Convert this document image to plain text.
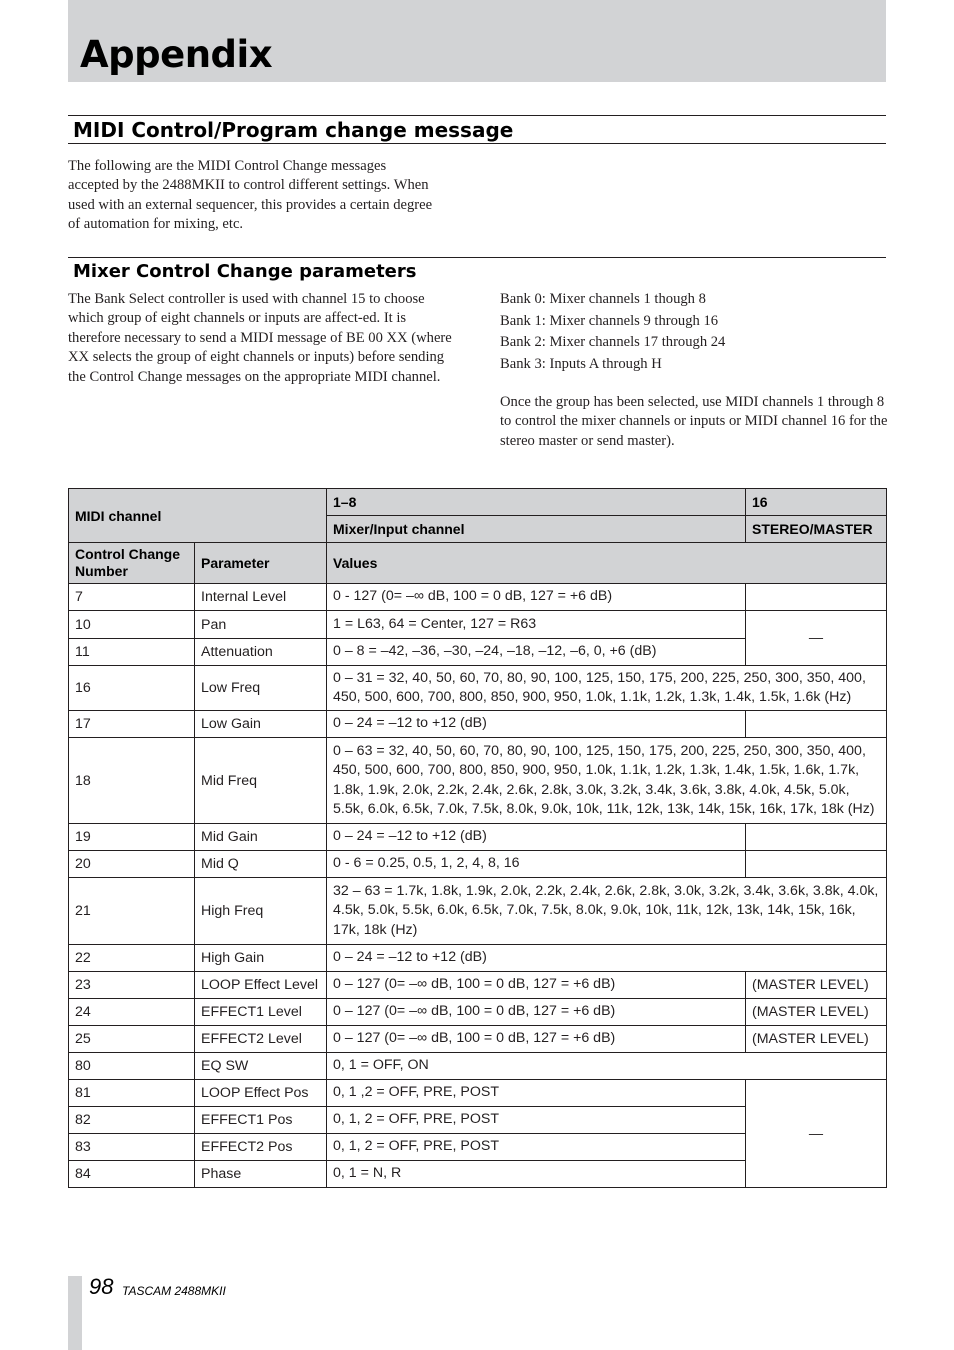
Appendix
MIDI Control/Program change message

The following are the MIDI Control Change messages accepted by the 2488MKII to control different settings. When used with an external sequencer, this provides a certain degree of automation for mixing, etc.

Mixer Control Change parameters

The Bank Select controller is used with channel 15 to choose which group of eight channels or inputs are affect-ed. It is therefore necessary to send a MIDI message of BE 00 XX (where XX selects the group of eight channels or inputs) before sending the Control Change messages on the appropriate MIDI channel.

Bank 0: Mixer channels 1 though 8
Bank 1: Mixer channels 9 through 16
Bank 2: Mixer channels 17 through 24
Bank 3: Inputs A through H

Once the group has been selected, use MIDI channels 1 through 8 to control the mixer channels or inputs or MIDI channel 16 for the stereo master or send master).

MIDI channel		1–8	16
		Mixer/Input channel	STEREO/MASTER
Control Change Number	Parameter	Values	
7	Internal Level	0 - 127 (0= –∞ dB, 100 = 0 dB, 127 = +6 dB)	
10	Pan	1 = L63, 64 = Center, 127 = R63	—
11	Attenuation	0 – 8 = –42, –36, –30, –24, –18, –12, –6, 0, +6 (dB)	
16	Low Freq	0 – 31 = 32, 40, 50, 60, 70, 80, 90, 100, 125, 150, 175, 200, 225, 250, 300, 350, 400, 450, 500, 600, 700, 800, 850, 900, 950, 1.0k, 1.1k, 1.2k, 1.3k, 1.4k, 1.5k, 1.6k (Hz)	
17	Low Gain	0 – 24 = –12 to +12 (dB)	
18	Mid Freq	0 – 63 = 32, 40, 50, 60, 70, 80, 90, 100, 125, 150, 175, 200, 225, 250, 300, 350, 400, 450, 500, 600, 700, 800, 850, 900, 950, 1.0k, 1.1k, 1.2k, 1.3k, 1.4k, 1.5k, 1.6k, 1.7k, 1.8k, 1.9k, 2.0k, 2.2k, 2.4k, 2.6k, 2.8k, 3.0k, 3.2k, 3.4k, 3.6k, 3.8k, 4.0k, 4.5k, 5.0k, 5.5k, 6.0k, 6.5k, 7.0k, 7.5k, 8.0k, 9.0k, 10k, 11k, 12k, 13k, 14k, 15k, 16k, 17k, 18k (Hz)	
19	Mid Gain	0 – 24 = –12 to +12 (dB)	
20	Mid Q	0 - 6 = 0.25, 0.5, 1, 2, 4, 8, 16	
21	High Freq	32 – 63 = 1.7k, 1.8k, 1.9k, 2.0k, 2.2k, 2.4k, 2.6k, 2.8k, 3.0k, 3.2k, 3.4k, 3.6k, 3.8k, 4.0k, 4.5k, 5.0k, 5.5k, 6.0k, 6.5k, 7.0k, 7.5k, 8.0k, 9.0k, 10k, 11k, 12k, 13k, 14k, 15k, 16k, 17k, 18k (Hz)	
22	High Gain	0 – 24 = –12 to +12 (dB)	
23	LOOP Effect Level	0 – 127 (0= –∞ dB, 100 = 0 dB, 127 = +6 dB)	(MASTER LEVEL)
24	EFFECT1 Level	0 – 127 (0= –∞ dB, 100 = 0 dB, 127 = +6 dB)	(MASTER LEVEL)
25	EFFECT2 Level	0 – 127 (0= –∞ dB, 100 = 0 dB, 127 = +6 dB)	(MASTER LEVEL)
80	EQ SW	0, 1 = OFF, ON	
81	LOOP Effect Pos	0, 1 ,2 = OFF, PRE, POST	—
82	EFFECT1 Pos	0, 1, 2 = OFF, PRE, POST	
83	EFFECT2 Pos	0, 1, 2 = OFF, PRE, POST	
84	Phase	0, 1 = N, R	
98 TASCAM 2488MKII
